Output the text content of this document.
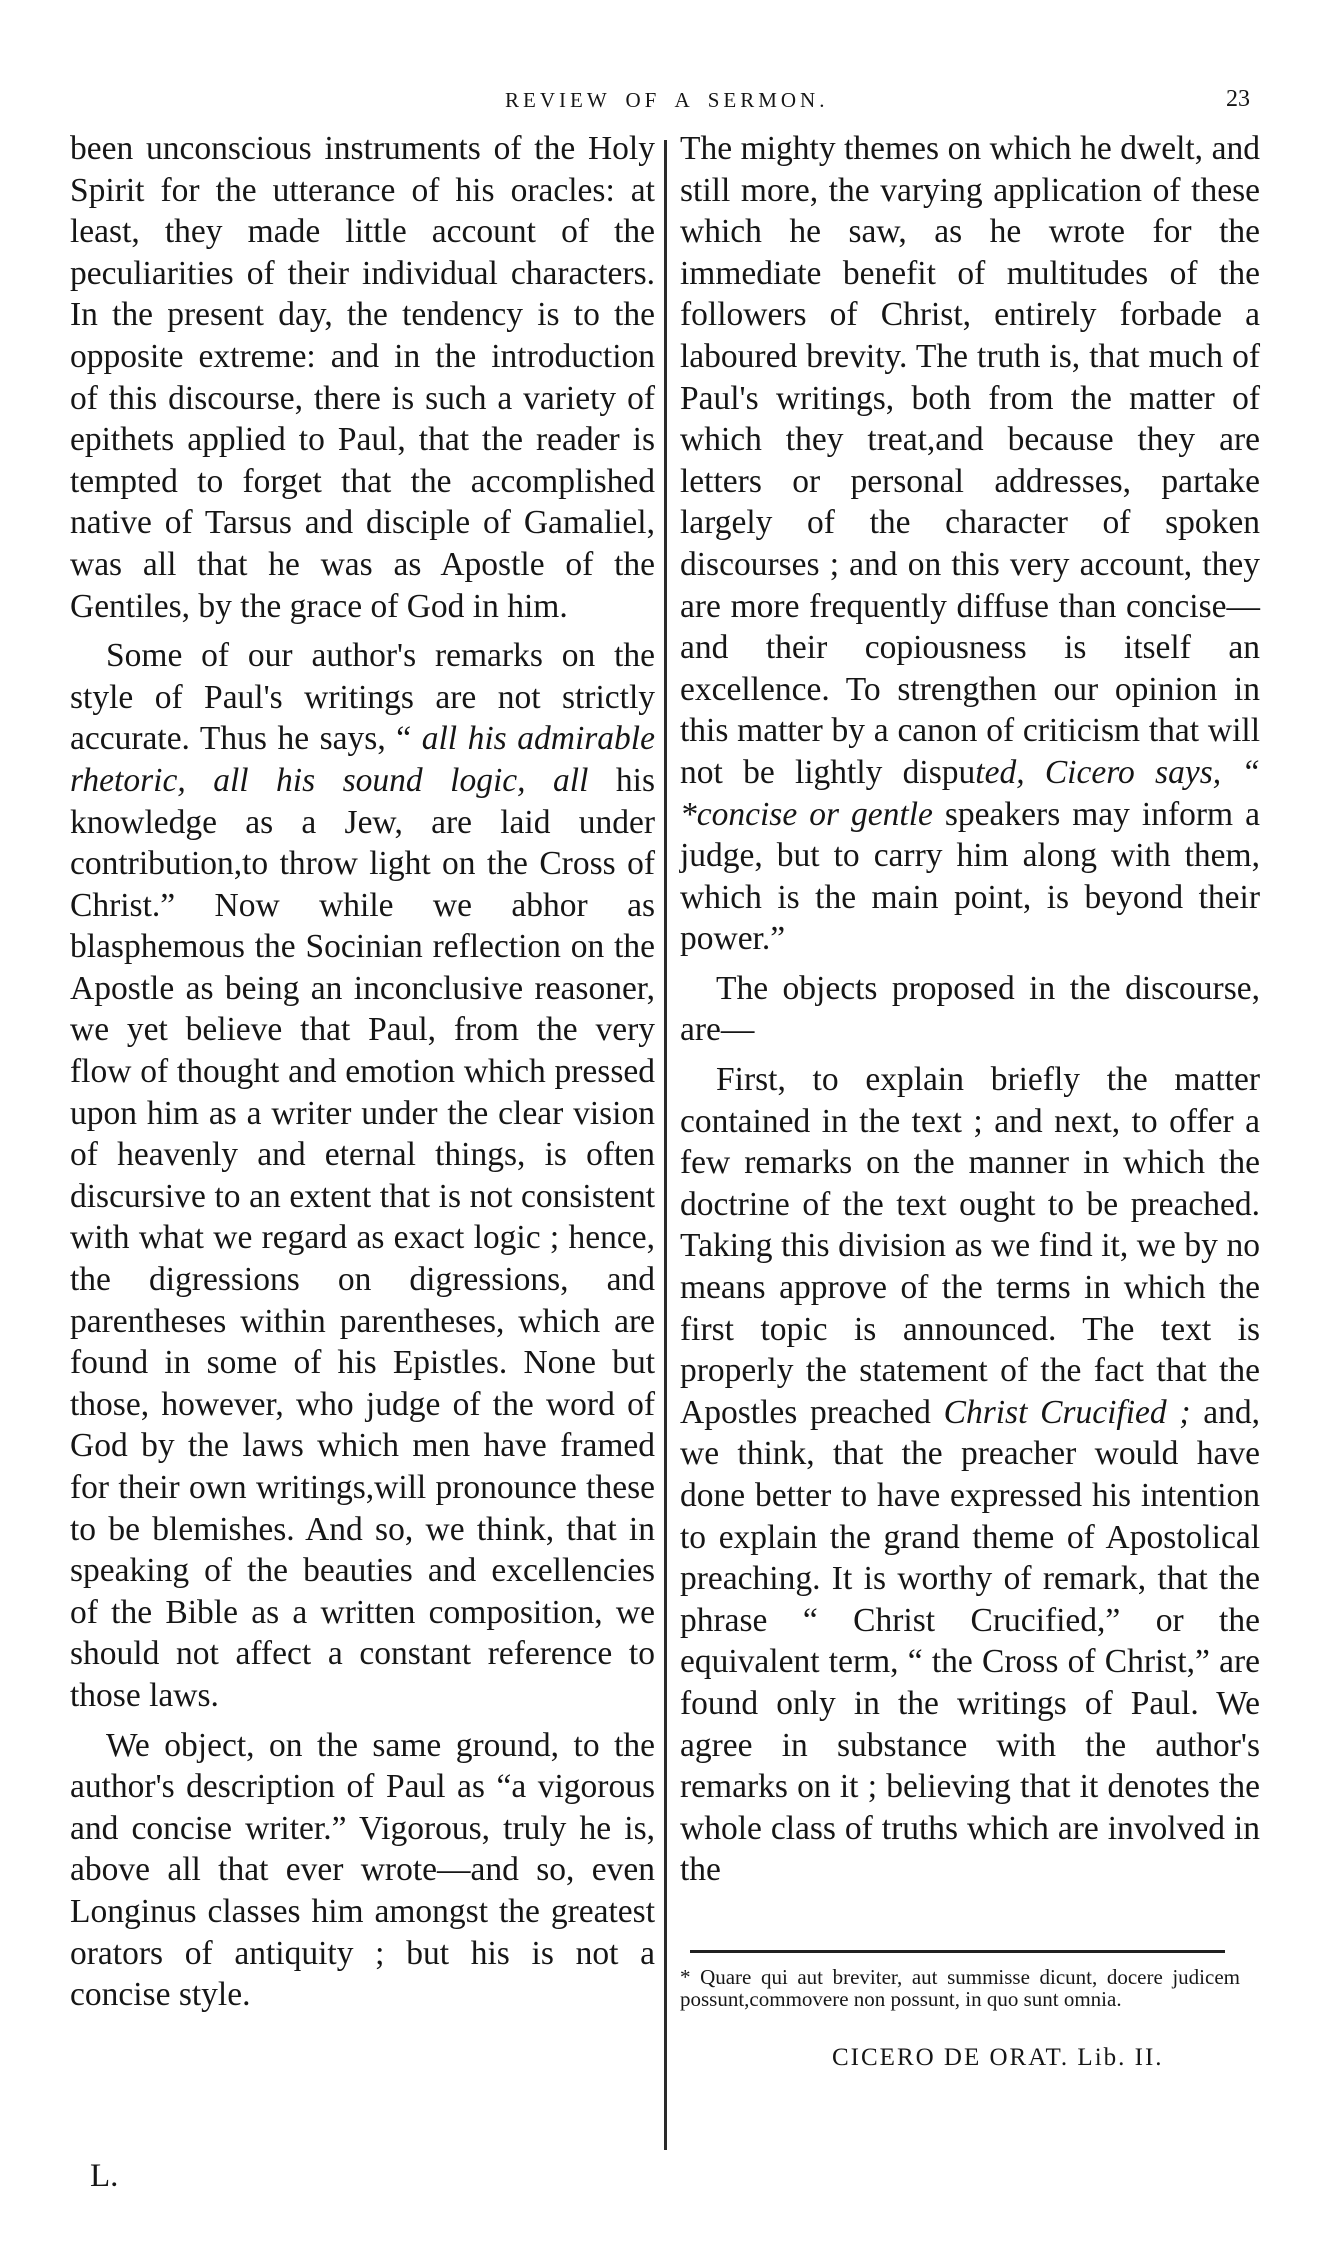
REVIEW OF A SERMON.	23

been unconscious instruments of the Holy Spirit for the utterance of his oracles: at least, they made little account of the peculiarities of their individual characters. In the present day, the tendency is to the opposite extreme: and in the introduction of this discourse, there is such a variety of epithets applied to Paul, that the reader is tempted to forget that the accomplished native of Tarsus and disciple of Gamaliel, was all that he was as Apostle of the Gentiles, by the grace of God in him.

Some of our author's remarks on the style of Paul's writings are not strictly accurate. Thus he says, “ all his admirable rhetoric, all his sound logic, all his knowledge as a Jew, are laid under contribution,to throw light on the Cross of Christ.” Now while we abhor as blasphemous the Socinian reflection on the Apostle as being an inconclusive reasoner, we yet believe that Paul, from the very flow of thought and emotion which pressed upon him as a writer under the clear vision of heavenly and eternal things, is often discursive to an extent that is not consistent with what we regard as exact logic ; hence, the digressions on digressions, and parentheses within parentheses, which are found in some of his Epistles. None but those, however, who judge of the word of God by the laws which men have framed for their own writings,will pronounce these to be blemishes. And so, we think, that in speaking of the beauties and excellencies of the Bible as a written composition, we should not affect a constant reference to those laws.

We object, on the same ground, to the author's description of Paul as “a vigorous and concise writer.” Vigorous, truly he is, above all that ever wrote—and so, even Longinus classes him amongst the greatest orators of antiquity ; but his is not a concise style.

The mighty themes on which he dwelt, and still more, the varying application of these which he saw, as he wrote for the immediate benefit of multitudes of the followers of Christ, entirely forbade a laboured brevity. The truth is, that much of Paul's writings, both from the matter of which they treat,and because they are letters or personal addresses, partake largely of the character of spoken discourses ; and on this very account, they are more frequently diffuse than concise—and their copiousness is itself an excellence. To strengthen our opinion in this matter by a canon of criticism that will not be lightly disputed, Cicero says, “ *concise or gentle speakers may inform a judge, but to carry him along with them, which is the main point, is beyond their power.”

The objects proposed in the discourse, are—

First, to explain briefly the matter contained in the text ; and next, to offer a few remarks on the manner in which the doctrine of the text ought to be preached. Taking this division as we find it, we by no means approve of the terms in which the first topic is announced. The text is properly the statement of the fact that the Apostles preached Christ Crucified ; and, we think, that the preacher would have done better to have expressed his intention to explain the grand theme of Apostolical preaching. It is worthy of remark, that the phrase “ Christ Crucified,” or the equivalent term, “ the Cross of Christ,” are found only in the writings of Paul. We agree in substance with the author's remarks on it ; believing that it denotes the whole class of truths which are involved in the

* Quare qui aut breviter, aut summisse dicunt, docere judicem possunt,commovere non possunt, in quo sunt omnia.
CICERO DE ORAT. Lib. II.
L.
